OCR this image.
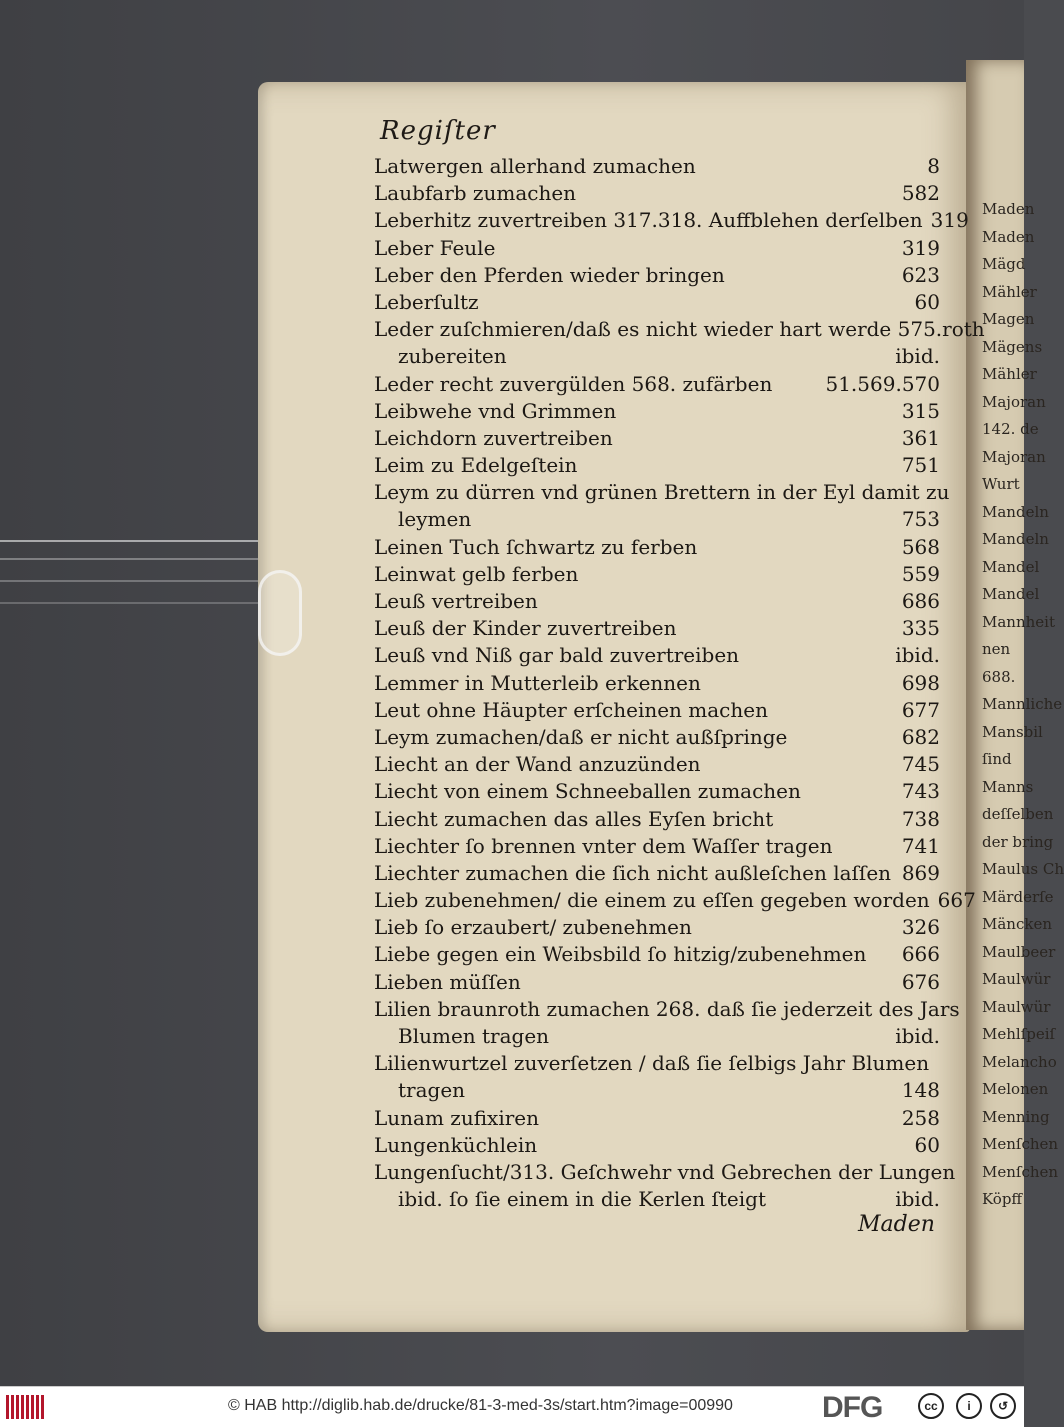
Maden
Maden
Mägd
Mähler
Magen
Mägens
Mähler
Majoran
142. de
Majoran
Wurt
Mandeln
Mandeln
Mandel
Mandel
Mannheit
nen
688.
Mannliche
Mansbil
ſind
Manns
deſſelben
der bring
Maulus Ch
Märderſe
Mäncken
Maulbeer
Maulwür
Maulwür
Mehlſpeiſ
Melancho
Melonen
Menning
Menſchen
Menſchen
Köpff
Regiſter
Latwergen allerhand zumachen	8
Laubfarb zumachen	582
Leberhitz zuvertreiben 317.318. Auffblehen derſelben 319
Leber Feule	319
Leber den Pferden wieder bringen	623
Leberſultz	60
Leder zuſchmieren/daß es nicht wieder hart werde 575.roth
zubereiten	ibid.
Leder recht zuvergülden 568. zufärben	51.569.570
Leibwehe vnd Grimmen	315
Leichdorn zuvertreiben	361
Leim zu Edelgeſtein	751
Leym zu dürren vnd grünen Brettern in der Eyl damit zu
leymen	753
Leinen Tuch ſchwartz zu ferben	568
Leinwat gelb ferben	559
Leuß vertreiben	686
Leuß der Kinder zuvertreiben	335
Leuß vnd Niß gar bald zuvertreiben	ibid.
Lemmer in Mutterleib erkennen	698
Leut ohne Häupter erſcheinen machen	677
Leym zumachen/daß er nicht außſpringe	682
Liecht an der Wand anzuzünden	745
Liecht von einem Schneeballen zumachen	743
Liecht zumachen das alles Eyſen bricht	738
Liechter ſo brennen vnter dem Waſſer tragen	741
Liechter zumachen die ſich nicht außleſchen laſſen 869
Lieb zubenehmen/ die einem zu eſſen gegeben worden 667
Lieb ſo erzaubert/ zubenehmen	326
Liebe gegen ein Weibsbild ſo hitzig/zubenehmen	666
Lieben müſſen	676
Lilien braunroth zumachen 268. daß ſie jederzeit des Jars
Blumen tragen	ibid.
Lilienwurtzel zuverſetzen / daß ſie ſelbigs Jahr Blumen
tragen	148
Lunam zufixiren	258
Lungenküchlein	60
Lungenſucht/313. Geſchwehr vnd Gebrechen der Lungen
ibid. ſo ſie einem in die Kerlen ſteigt	ibid.
Maden
© HAB http://diglib.hab.de/drucke/81-3-med-3s/start.htm?image=00990	DFG	cc	i	↺
